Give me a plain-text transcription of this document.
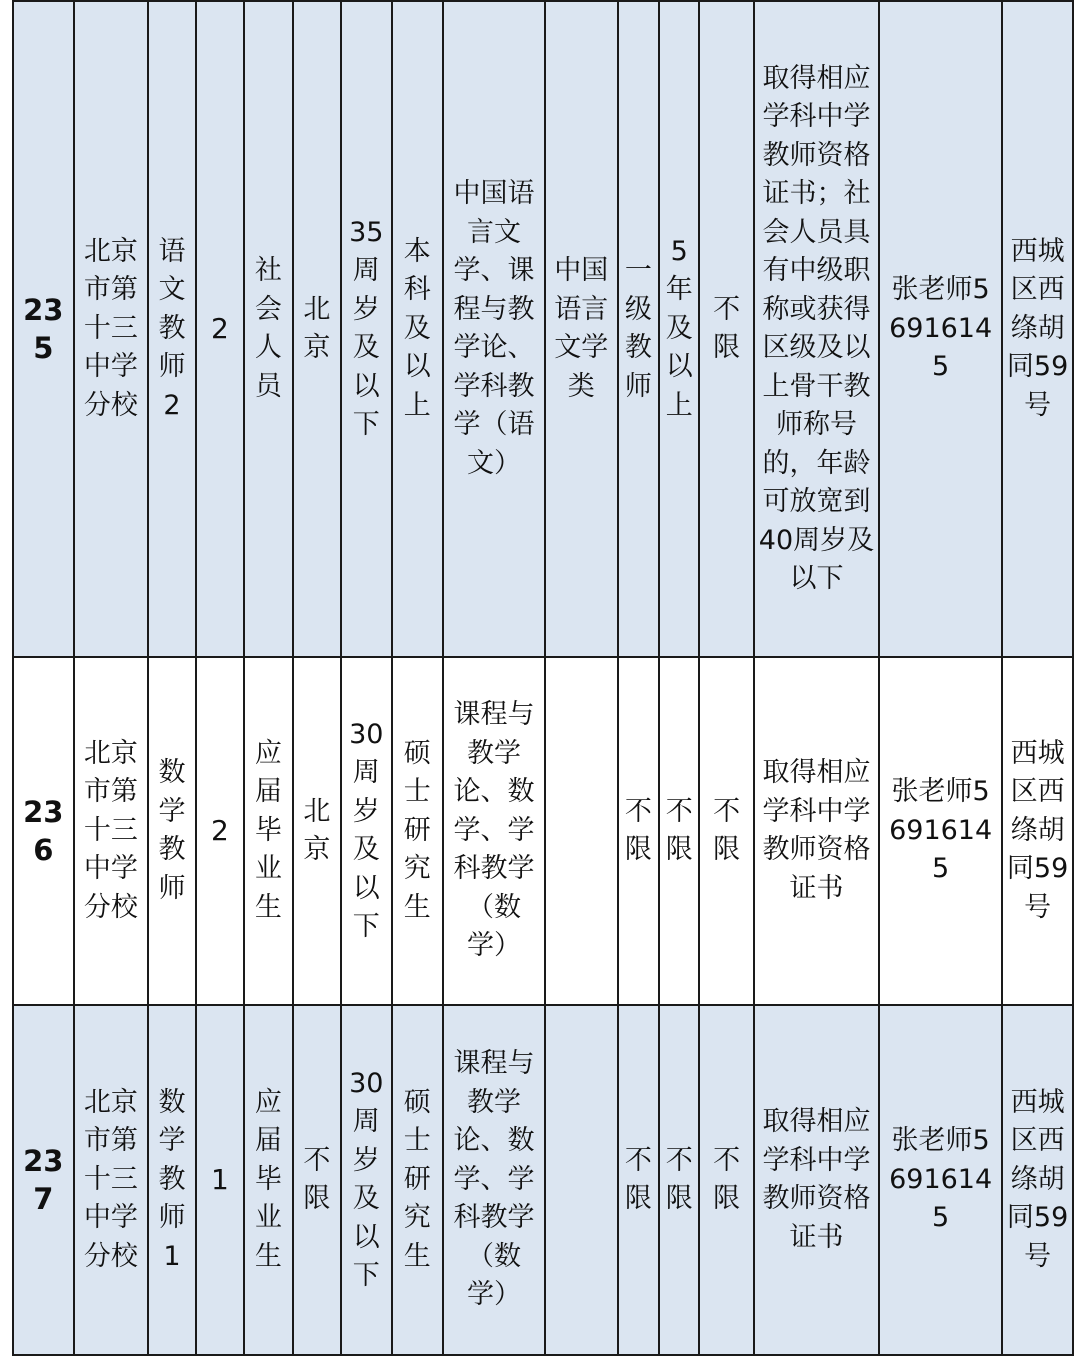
235	北京市第十三中学分校	语文教师2	2	社会人员	北京	35周岁及以下	本科及以上	中国语言文学、课程与教学论、学科教学（语文）	中国语言文学类	一级教师	5年及以上	不限	取得相应学科中学教师资格证书；社会人员具有中级职称或获得区级及以上骨干教师称号的，年龄可放宽到40周岁及以下	张老师56916145	西城区西绦胡同59号
236	北京市第十三中学分校	数学教师	2	应届毕业生	北京	30周岁及以下	硕士研究生	课程与教学论、数学、学科教学（数学）		不限	不限	不限	取得相应学科中学教师资格证书	张老师56916145	西城区西绦胡同59号
237	北京市第十三中学分校	数学教师1	1	应届毕业生	不限	30周岁及以下	硕士研究生	课程与教学论、数学、学科教学（数学）		不限	不限	不限	取得相应学科中学教师资格证书	张老师56916145	西城区西绦胡同59号
